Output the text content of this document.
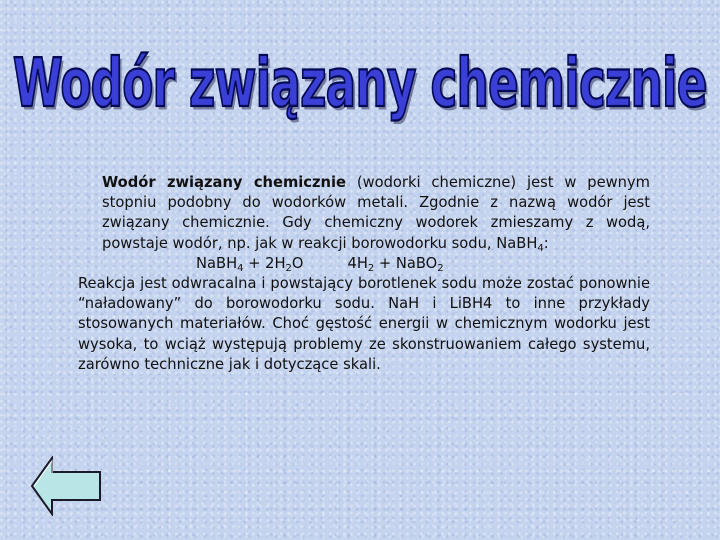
Wodór związany chemicznie

Wodór związany chemicznie (wodorki chemiczne) jest w pewnym stopniu podobny do wodorków metali. Zgodnie z nazwą wodór jest związany chemicznie. Gdy chemiczny wodorek zmieszamy z wodą, powstaje wodór, np. jak w reakcji borowodorku sodu, NaBH$_4$:

NaBH$_4$ + $2H_2O$	$4H_2$ + NaBO$_2$

Reakcja jest odwracalna i powstający borotlenek sodu może zostać ponownie “naładowany” do borowodorku sodu. NaH i LiBH4 to inne przykłady stosowanych materiałów. Choć gęstość energii w chemicznym wodorku jest wysoka, to wciąż występują problemy ze skonstruowaniem całego systemu, zarówno techniczne jak i dotyczące skali.
